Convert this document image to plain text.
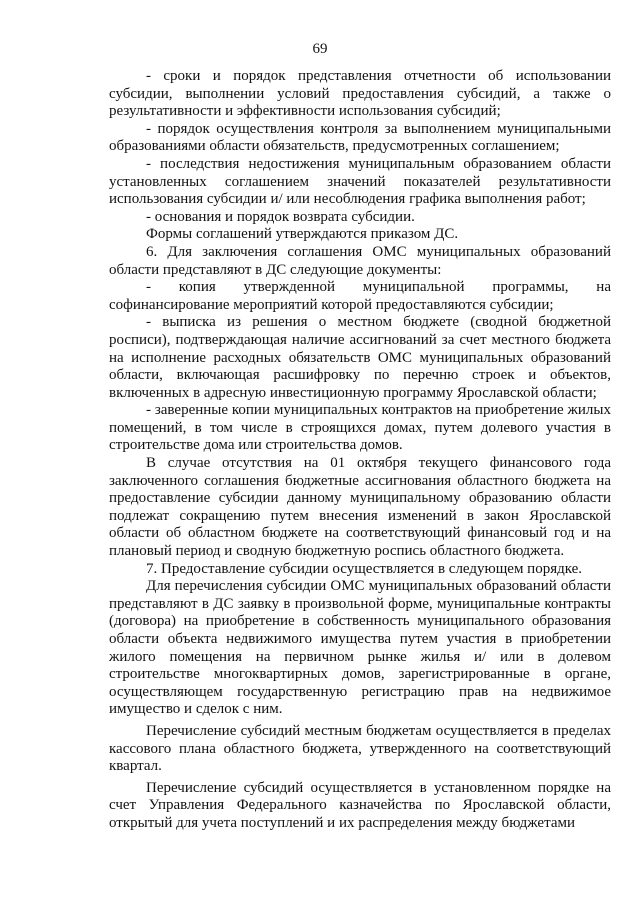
69

- сроки и порядок представления отчетности об использовании субсидии, выполнении условий предоставления субсидий, а также о результативности и эффективности использования субсидий;

- порядок осуществления контроля за выполнением муниципальными образованиями области обязательств, предусмотренных соглашением;

- последствия недостижения муниципальным образованием области установленных соглашением значений показателей результативности использования субсидии и/ или несоблюдения графика выполнения работ;

- основания и порядок возврата субсидии.

Формы соглашений утверждаются приказом ДС.

6. Для заключения соглашения ОМС муниципальных образований области представляют в ДС следующие документы:

- копия утвержденной муниципальной программы, на софинансирование мероприятий которой предоставляются субсидии;

- выписка из решения о местном бюджете (сводной бюджетной росписи), подтверждающая наличие ассигнований за счет местного бюджета на исполнение расходных обязательств ОМС муниципальных образований области, включающая расшифровку по перечню строек и объектов, включенных в адресную инвестиционную программу Ярославской области;

- заверенные копии муниципальных контрактов на приобретение жилых помещений, в том числе в строящихся домах, путем долевого участия в строительстве дома или строительства домов.

В случае отсутствия на 01 октября текущего финансового года заключенного соглашения бюджетные ассигнования областного бюджета на предоставление субсидии данному муниципальному образованию области подлежат сокращению путем внесения изменений в закон Ярославской области об областном бюджете на соответствующий финансовый год и на плановый период и сводную бюджетную роспись областного бюджета.

7. Предоставление субсидии осуществляется в следующем порядке.

Для перечисления субсидии ОМС муниципальных образований области представляют в ДС заявку в произвольной форме, муниципальные контракты (договора) на приобретение в собственность муниципального образования области объекта недвижимого имущества путем участия в приобретении жилого помещения на первичном рынке жилья и/ или в долевом строительстве многоквартирных домов, зарегистрированные в органе, осуществляющем государственную регистрацию прав на недвижимое имущество и сделок с ним.

Перечисление субсидий местным бюджетам осуществляется в пределах кассового плана областного бюджета, утвержденного на соответствующий квартал.

Перечисление субсидий осуществляется в установленном порядке на счет Управления Федерального казначейства по Ярославской области, открытый для учета поступлений и их распределения между бюджетами
